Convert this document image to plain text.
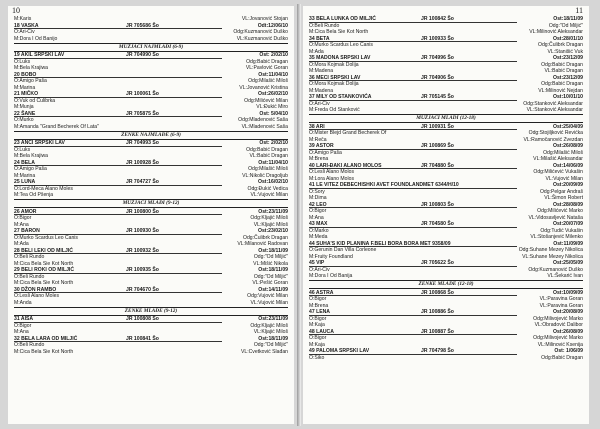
10
M:Karis	VL:Jovanović Stojan
18 VASKA	JR 705686 Šo	Odt:12/06/10
O:Ari-Čiv	Odg:Kuzmanović Duško
M:Dora I Od Banijo	VL:Kuzmanović Duško
MUŽJACI NAJMLAĐI (6-9)
19 AKIL SRPSKI LAV	JR 704990 Šo	Ost: 2/02/10
O:Luks	Odg:Babić Dragan
M:Bela Krajiwa	VL:Pavlović Goran
20 BOBO	Ost:11/04/10
O:Amigo Paša	Odg:Milašić Miloš
M:Marina	VL:Jovanović Kristina
21 MIČKO	JR 100061 Šo	Ost:26/02/10
O:Vuk od Čulibrka	Odg:Milićević Milan
M:Munja	VL:Đukić Miro
22 ŠANE	JR 705875 Šo	Ost: 5/04/10
O:Murko	Odg:Mladenović Saša
M:Amanda "Grand Becherek Of Lata"	VL:Mladenović Saša
ŽENKE NAJMLAĐE (6-9)
23 ANCI SRPSKI LAV	JR 704993 Šo	Ost: 2/02/10
O:Luks	Odg:Babić Dragan
M:Bela Krajiwa	VL:Babić Dragan
24 BELA	JR 100928 Šo	Ost:11/04/10
O:Amigo Paša	Odg:Milašić Miloš
M:Marina	VL:Nikolić Dragoljub
25 LUNA	JR 704727 Šo	Ost:16/02/10
O:Lord-Meca Alano Moles	Odg:Đukić Vedica
M:Tea Od Pšenja	VL:Vujović Milan
MUŽJACI MLAĐI (9-12)
26 AMOR	JR 100800 Šo	Ost:23/11/09
O:Bigor	Odg:Kljajić Miloš
M:Ana	VL:Kljajić Miloš
27 BARON	JR 100930 Šo	Ost:23/02/10
O:Murko Scardus Leo Canis	Odg:Čulibrk Dragan
M:Ada	VL:Milanović Radovan
28 BELI LEKI OD MILJIĆ	JR 100932 Šo	Ost:18/11/09
O:Beli Rundo	Odg:"Od Miljić"
M:Cica Bela Sie Kot North	VL:Mišić Nikola
29 BELI ROKI OD MILJIĆ	JR 100935 Šo	Ost:18/11/09
O:Beli Rundo	Odg:"Od Miljić"
M:Cica Bela Sie Kot North	VL:Pešić Goran
30 DŽON RAMBO	JR 704670 Šo	Ost:14/11/09
O:Lesli Alano Moles	Odg:Vujović Milan
M:Anda	VL:Vujović Milan
ŽENKE MLAĐE (9-12)
31 AIŠA	JR 100808 Šo	Ost:23/11/09
O:Bigor	Odg:Kljajić Miloš
M:Ana	VL:Kljajić Miloš
32 BELA LARA OD MILJIĆ	JR 100841 Šo	Ost:18/11/09
O:Beli Rundo	Odg:"Od Miljić"
M:Cica Bela Sie Kot North	VL:Cvetković Slađan
11
33 BELA LUNKA OD MILJIĆ	JR 100842 Šo	Ost:18/11/09
O:Beli Rundo	Odg:"Od Miljić"
M:Cica Bela Sie Kot North	VL:Milinović Aleksandar
34 BETA	JR 100933 Šo	Ost:28/01/10
O:Murko Scardus Leo Canis	Odg:Čulibrk Dragan
M:Ada	VL:Stanišić Vuk
35 MADONA SRPSKI LAV	JR 704996 Šo	Ost:23/12/09
O:Mora Kojmak Dolija	Odg:Babić Dragan
M:Madena	VL:Babić Dragan
36 MECI SRPSKI LAV	JR 704906 Šo	Ost:23/12/09
O:Mora Kojmak Dolija	Odg:Babić Dragan
M:Madena	VL:Milinović Nejdan
37 MILY OD STANKOVIĆA	JR 705145 Šo	Ost:10/01/10
O:Ari-Čiv	Odg:Stanković Aleksandar
M:Freda Od Stanković	VL:Stanković Aleksandar
MUŽJACI MLADI (12-18)
38 ARI	JR 100931 Šo	Ost:25/04/09
O:Mister Blejd Grand Becherek Of	Odg:Stojiljković Revićka
M:Reča	VL:Ramočanović Zvezdan
39 ASTOR	JR 100869 Šo	Ost:26/08/09
O:Amigo Paša	Odg:Milašić Miloš
M:Brena	VL:Milašić Aleksandar
40 LARI-ĐAKI ALANO MOLOS	JR 704880 Šo	Ost:14/06/09
O:Lesli Alano Molos	Odg:Milićević Vukašin
M:Lora Alano Molos	VL:Vujović Milan
41 LE VITEZ DEBECHISHKI AVET FOUNDLANDMET 6344/H/10	Ost:20/09/09
O:Sory	Odg:Pelgar Andraš
M:Dima	VL:Šimon Robert
42 LEO	JR 100803 Šo	Ost:28/08/09
O:Bigor	Odg:Milićević Marko
M:Ana	VL:Vidosavljević Nataša
43 MAX	JR 704580 Šo	Ost:20/07/09
O:Marko	Odg:Tudić Vukašin
M:Meda	VL:Stošanjević Milenko
44 SUHA'S KID PLANINA F.BELI BORA BORA MET 9358/09	Ost:11/09/09
O:Gerunin Dan Villa Corleone	Odg:Suhane Mezey Nikolica
M:Fruity Foundland	VL:Suhane Mezey Nikolica
45 VIP	JR 705622 Šo	Ost:25/05/09
O:Ari-Čiv	Odg:Kuzmanović Duško
M:Dora I Od Banija	VL:Šekarić Ivan
ŽENKE MLADE (12-18)
46 ASTRA	JR 100868 Šo	Ost:10/09/09
O:Bigor	VL:Paravina Goran
M:Brena	VL:Paravina Goran
47 LENA	JR 100886 Šo	Ost:20/08/09
O:Bigor	Odg:Milivojević Marko
M:Kaja	VL:Obradović Dalibor
48 LAUCA	JR 100887 Šo	Ost:26/08/09
O:Bigor	Odg:Milivojević Marko
M:Kaja	VL:Milinović Ksenija
49 PALOMA SRPSKI LAV	JR 704798 Šo	Ost: 1/06/09
O:Šiko	Odg:Babić Dragan
